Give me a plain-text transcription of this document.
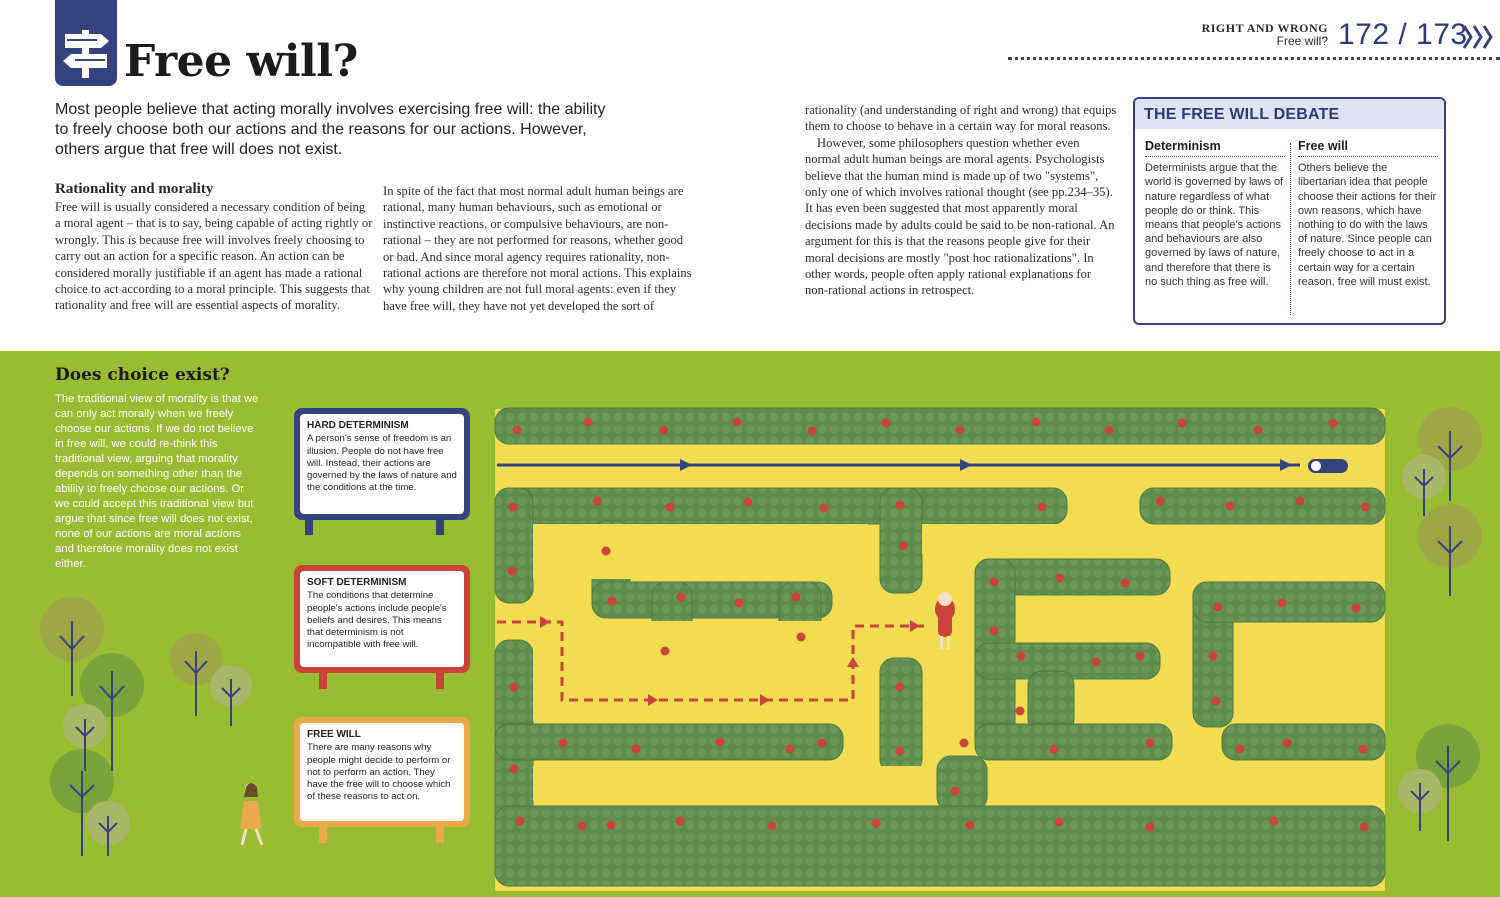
Free will?
RIGHT AND WRONG
Free will? 172 / 173

Most people believe that acting morally involves exercising free will: the ability to freely choose both our actions and the reasons for our actions. However, others argue that free will does not exist.

Rationality and morality

Free will is usually considered a necessary condition of being a moral agent – that is to say, being capable of acting rightly or wrongly. This is because free will involves freely choosing to carry out an action for a specific reason. An action can be considered morally justifiable if an agent has made a rational choice to act according to a moral principle. This suggests that rationality and free will are essential aspects of morality.

In spite of the fact that most normal adult human beings are rational, many human behaviours, such as emotional or instinctive reactions, or compulsive behaviours, are non-rational – they are not performed for reasons, whether good or bad. And since moral agency requires rationality, non-rational actions are therefore not moral actions. This explains why young children are not full moral agents: even if they have free will, they have not yet developed the sort of

rationality (and understanding of right and wrong) that equips them to choose to behave in a certain way for moral reasons.

However, some philosophers question whether even normal adult human beings are moral agents. Psychologists believe that the human mind is made up of two "systems", only one of which involves rational thought (see pp.234–35). It has even been suggested that most apparently moral decisions made by adults could be said to be non-rational. An argument for this is that the reasons people give for their moral decisions are mostly "post hoc rationalizations". In other words, people often apply rational explanations for non-rational actions in retrospect.

THE FREE WILL DEBATE
Determinism

Determinists argue that the world is governed by laws of nature regardless of what people do or think. This means that people's actions and behaviours are also governed by laws of nature, and therefore that there is no such thing as free will.

Free will

Others believe the libertarian idea that people choose their actions for their own reasons, which have nothing to do with the laws of nature. Since people can freely choose to act in a certain way for a certain reason, free will must exist.

Does choice exist?

The traditional view of morality is that we can only act morally when we freely choose our actions. If we do not believe in free will, we could re-think this traditional view, arguing that morality depends on something other than the ability to freely choose our actions. Or we could accept this traditional view but argue that since free will does not exist, none of our actions are moral actions and therefore morality does not exist either.

HARD DETERMINISM
A person's sense of freedom is an illusion. People do not have free will. Instead, their actions are governed by the laws of nature and the conditions at the time.
SOFT DETERMINISM
The conditions that determine people's actions include people's beliefs and desires. This means that determinism is not incompatible with free will.
FREE WILL
There are many reasons why people might decide to perform or not to perform an action. They have the free will to choose which of these reasons to act on.
